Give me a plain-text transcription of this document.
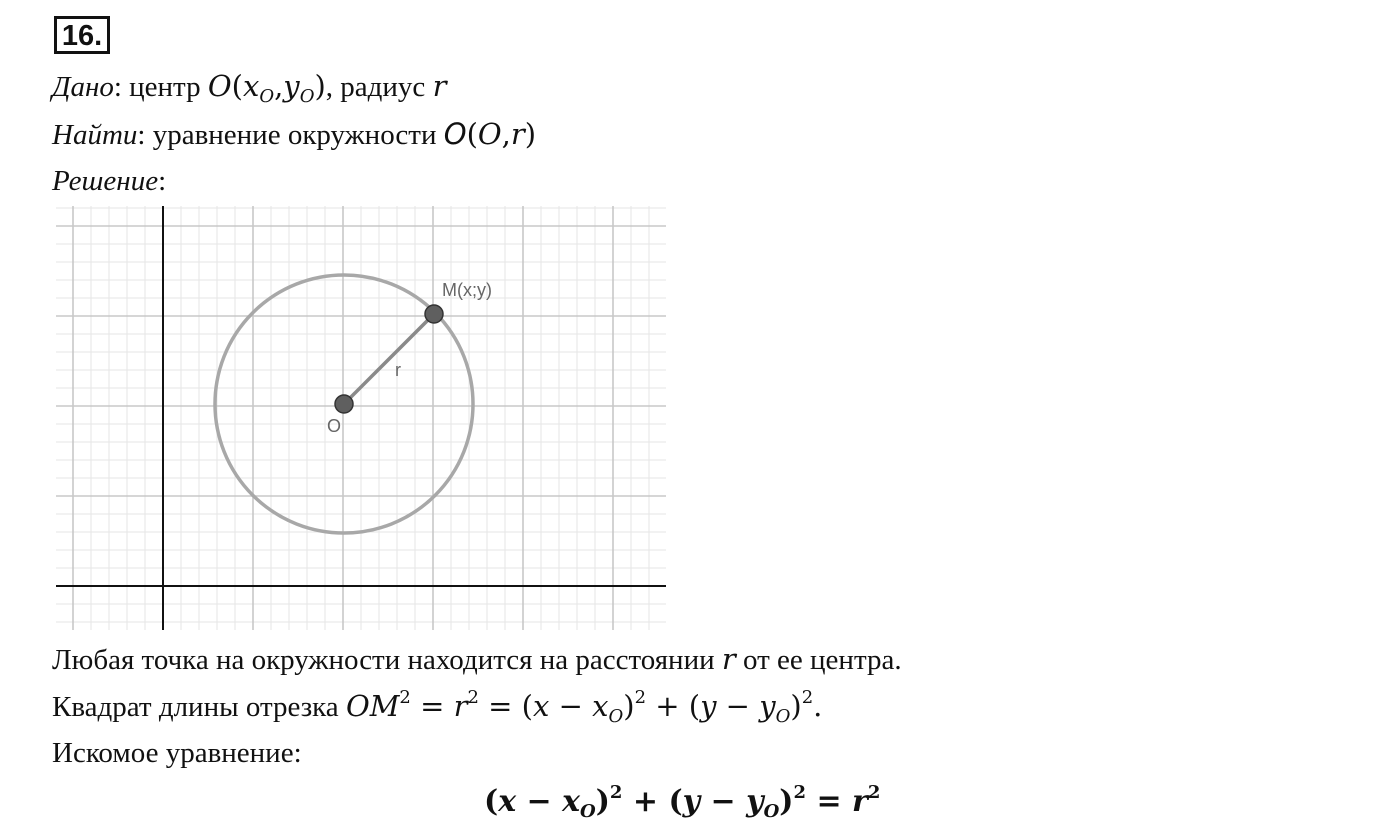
16.
Дано: центр $O(x_O,y_O)$, радиус r
Найти: уравнение окружности O(O,r)
Решение:
M(x;y)
O
r
Любая точка на окружности находится на расстоянии r от ее центра.
Квадрат длины отрезка $OM^2 = r^2 = (x - x_O)^2 + (y - y_O)^2$.
Искомое уравнение:
$(x - x_O)^2 + (y - y_O)^2 = r^2$
